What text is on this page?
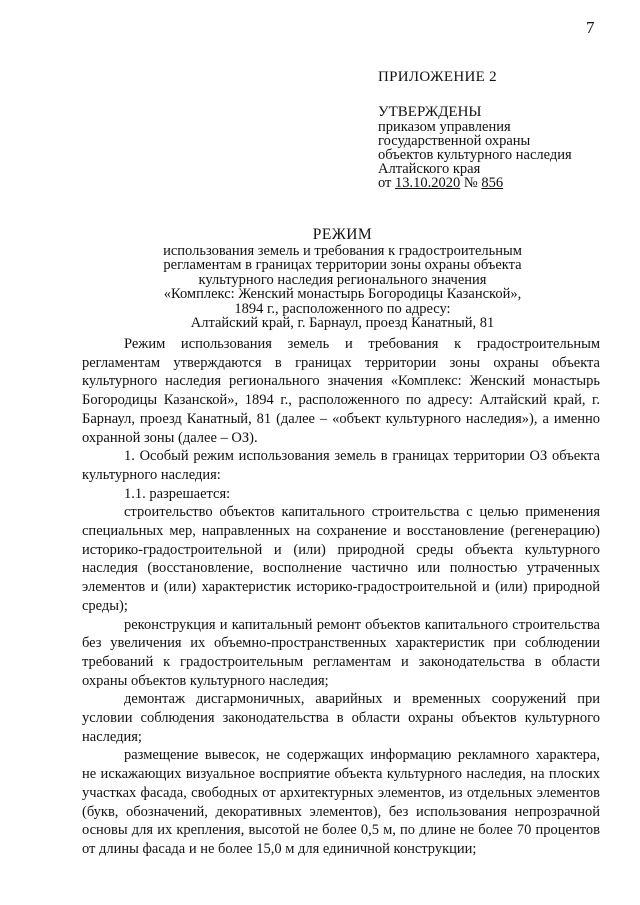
7
ПРИЛОЖЕНИЕ 2
УТВЕРЖДЕНЫ
приказом управления
государственной охраны
объектов культурного наследия
Алтайского края
от 13.10.2020 № 856
РЕЖИМ
использования земель и требования к градостроительным
регламентам в границах территории зоны охраны объекта
культурного наследия регионального значения
«Комплекс: Женский монастырь Богородицы Казанской»,
1894 г., расположенного по адресу:
Алтайский край, г. Барнаул, проезд Канатный, 81

Режим использования земель и требования к градостроительным регламентам утверждаются в границах территории зоны охраны объекта культурного наследия регионального значения «Комплекс: Женский монастырь Богородицы Казанской», 1894 г., расположенного по адресу: Алтайский край, г. Барнаул, проезд Канатный, 81 (далее – «объект культурного наследия»), а именно охранной зоны (далее – ОЗ).

1. Особый режим использования земель в границах территории ОЗ объекта культурного наследия:

1.1. разрешается:

строительство объектов капитального строительства с целью применения специальных мер, направленных на сохранение и восстановление (регенерацию) историко-градостроительной и (или) природной среды объекта культурного наследия (восстановление, восполнение частично или полностью утраченных элементов и (или) характеристик историко-градостроительной и (или) природной среды);

реконструкция и капитальный ремонт объектов капитального строительства без увеличения их объемно-пространственных характеристик при соблюдении требований к градостроительным регламентам и законодательства в области охраны объектов культурного наследия;

демонтаж дисгармоничных, аварийных и временных сооружений при условии соблюдения законодательства в области охраны объектов культурного наследия;

размещение вывесок, не содержащих информацию рекламного характера, не искажающих визуальное восприятие объекта культурного наследия, на плоских участках фасада, свободных от архитектурных элементов, из отдельных элементов (букв, обозначений, декоративных элементов), без использования непрозрачной основы для их крепления, высотой не более 0,5 м, по длине не более 70 процентов от длины фасада и не более 15,0 м для единичной конструкции;
